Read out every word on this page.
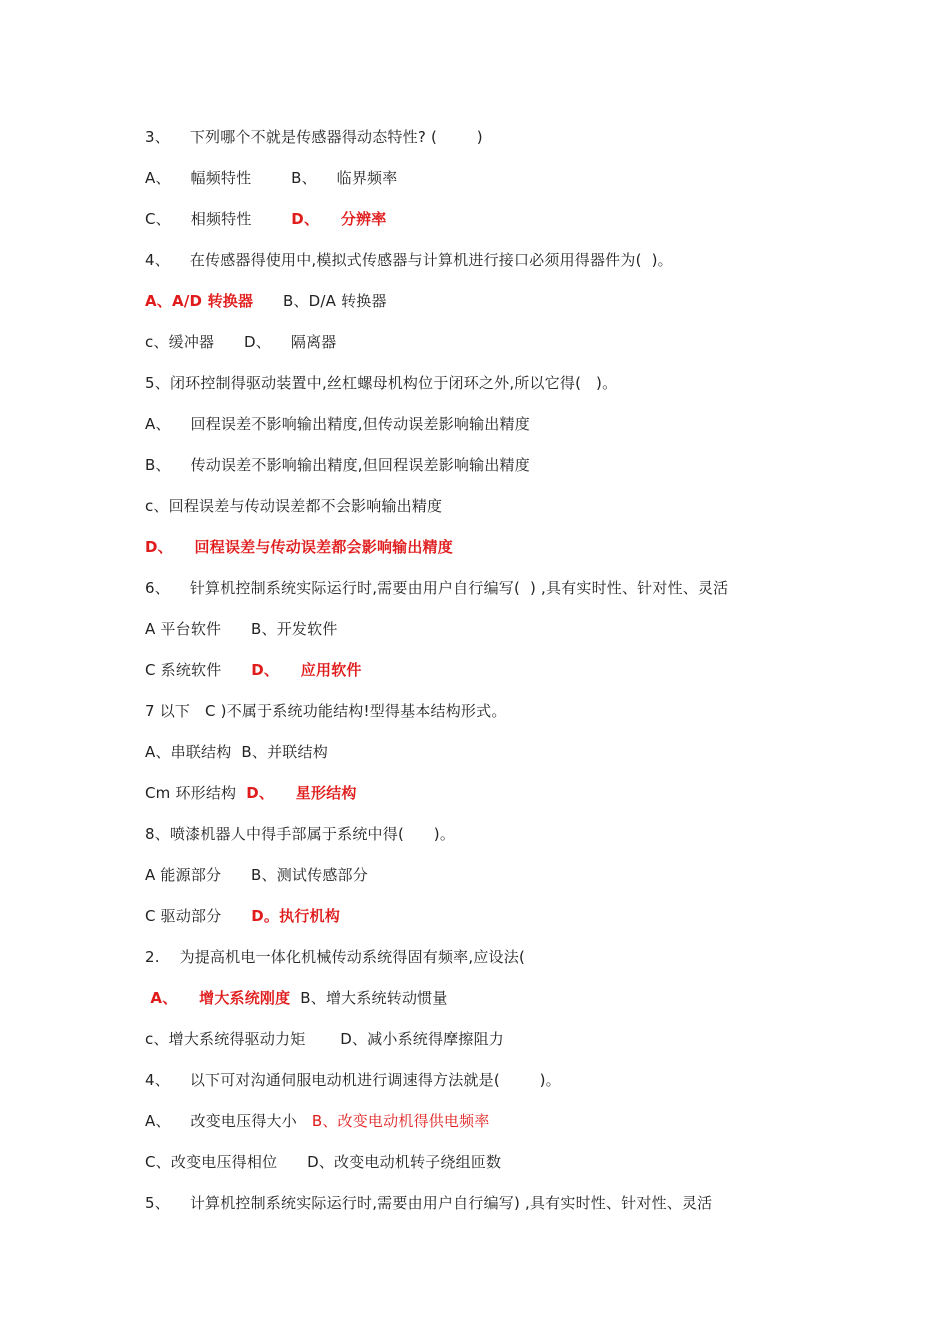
3、    下列哪个不就是传感器得动态特性? (        )
A、    幅频特性        B、    临界频率
C、    相频特性        D、    分辨率
4、    在传感器得使用中,模拟式传感器与计算机进行接口必须用得器件为(  )。
A、A/D 转换器      B、D/A 转换器
c、缓冲器      D、    隔离器
5、闭环控制得驱动装置中,丝杠螺母机构位于闭环之外,所以它得(   )。
A、    回程误差不影响输出精度,但传动误差影响输出精度
B、    传动误差不影响输出精度,但回程误差影响输出精度
c、回程误差与传动误差都不会影响输出精度
D、    回程误差与传动误差都会影响输出精度
6、    针算机控制系统实际运行时,需要由用户自行编写(  ) ,具有实时性、针对性、灵活
A 平台软件      B、开发软件
C 系统软件      D、    应用软件
7 以下   C )不属于系统功能结构!型得基本结构形式。
A、串联结构  B、并联结构
Cm 环形结构  D、    星形结构
8、喷漆机器人中得手部属于系统中得(      )。
A 能源部分      B、测试传感部分
C 驱动部分      D。执行机构
2.    为提高机电一体化机械传动系统得固有频率,应设法(
A、    增大系统刚度  B、增大系统转动惯量
c、增大系统得驱动力矩       D、减小系统得摩擦阻力
4、    以下可对沟通伺服电动机进行调速得方法就是(        )。
A、    改变电压得大小   B、改变电动机得供电频率
C、改变电压得相位      D、改变电动机转子绕组匝数
5、    计算机控制系统实际运行时,需要由用户自行编写) ,具有实时性、针对性、灵活
